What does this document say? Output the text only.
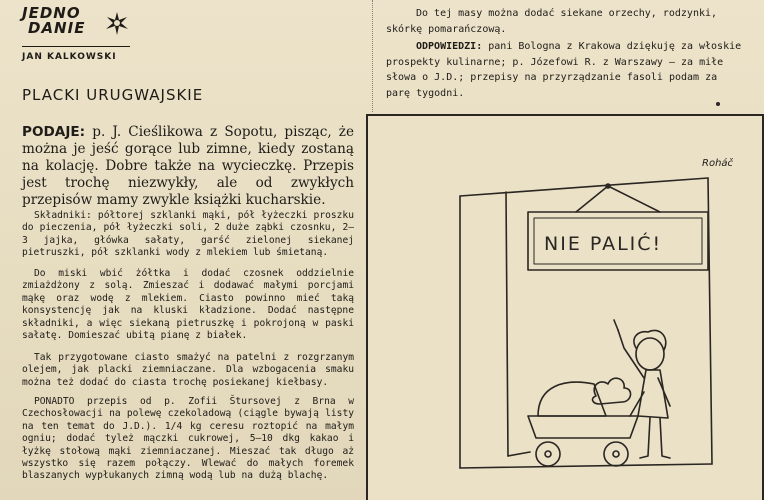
JEDNO
DANIE
JAN KALKOWSKI
PLACKI URUGWAJSKIE
PODAJE: p. J. Cieślikowa z Sopotu, pisząc, że można je jeść gorące lub zimne, kiedy zostaną na kolację. Dobre także na wycieczkę. Przepis jest trochę niezwykły, ale od zwykłych przepisów mamy zwykle książki kucharskie.
Składniki: półtorej szklanki mąki, pół łyżeczki proszku do pieczenia, pół łyżeczki soli, 2 duże ząbki czosnku, 2—3 jajka, główka sałaty, garść zielonej siekanej pietruszki, pół szklanki wody z mlekiem lub śmietaną.
Do miski wbić żółtka i dodać czosnek oddzielnie zmiażdżony z solą. Zmieszać i dodawać małymi porcjami mąkę oraz wodę z mlekiem. Ciasto powinno mieć taką konsystencję jak na kluski kładzione. Dodać następne składniki, a więc siekaną pietruszkę i pokrojoną w paski sałatę. Domieszać ubitą pianę z białek.
Tak przygotowane ciasto smażyć na patelni z rozgrzanym olejem, jak placki ziemniaczane. Dla wzbogacenia smaku można też dodać do ciasta trochę posiekanej kiełbasy.
PONADTO przepis od p. Zofii Štursovej z Brna w Czechosłowacji na polewę czekoladową (ciągle bywają listy na ten temat do J.D.). 1/4 kg ceresu roztopić na małym ogniu; dodać tyleż mączki cukrowej, 5—10 dkg kakao i łyżkę stołową mąki ziemniaczanej. Mieszać tak długo aż wszystko się razem połączy. Wlewać do małych foremek blaszanych wypłukanych zimną wodą lub na dużą blachę.

Do tej masy można dodać siekane orzechy, rodzynki, skórkę pomarańczową.

ODPOWIEDZI: pani Bologna z Krakowa dziękuję za włoskie prospekty kulinarne; p. Józefowi R. z Warszawy — za miłe słowa o J.D.; przepisy na przyrządzanie fasoli podam za parę tygodni.

NIE PALIĆ!
Roháč
